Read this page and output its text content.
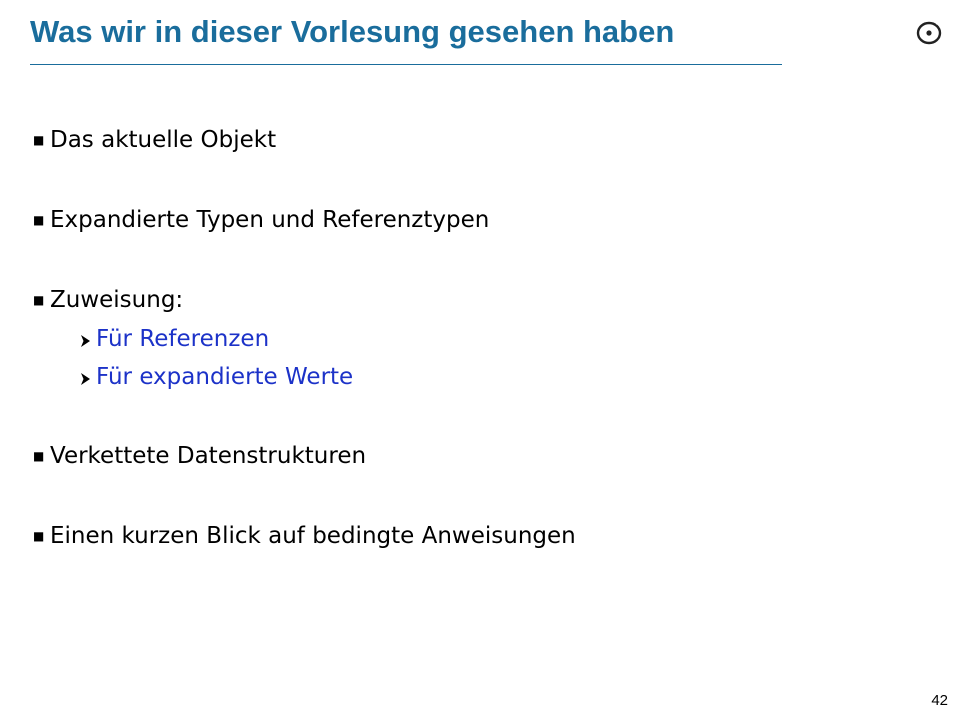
Was wir in dieser Vorlesung gesehen haben
■ Das aktuelle Objekt
■ Expandierte Typen und Referenztypen
■ Zuweisung:
Für Referenzen
Für expandierte Werte
■ Verkettete Datenstrukturen
■ Einen kurzen Blick auf bedingte Anweisungen
42
